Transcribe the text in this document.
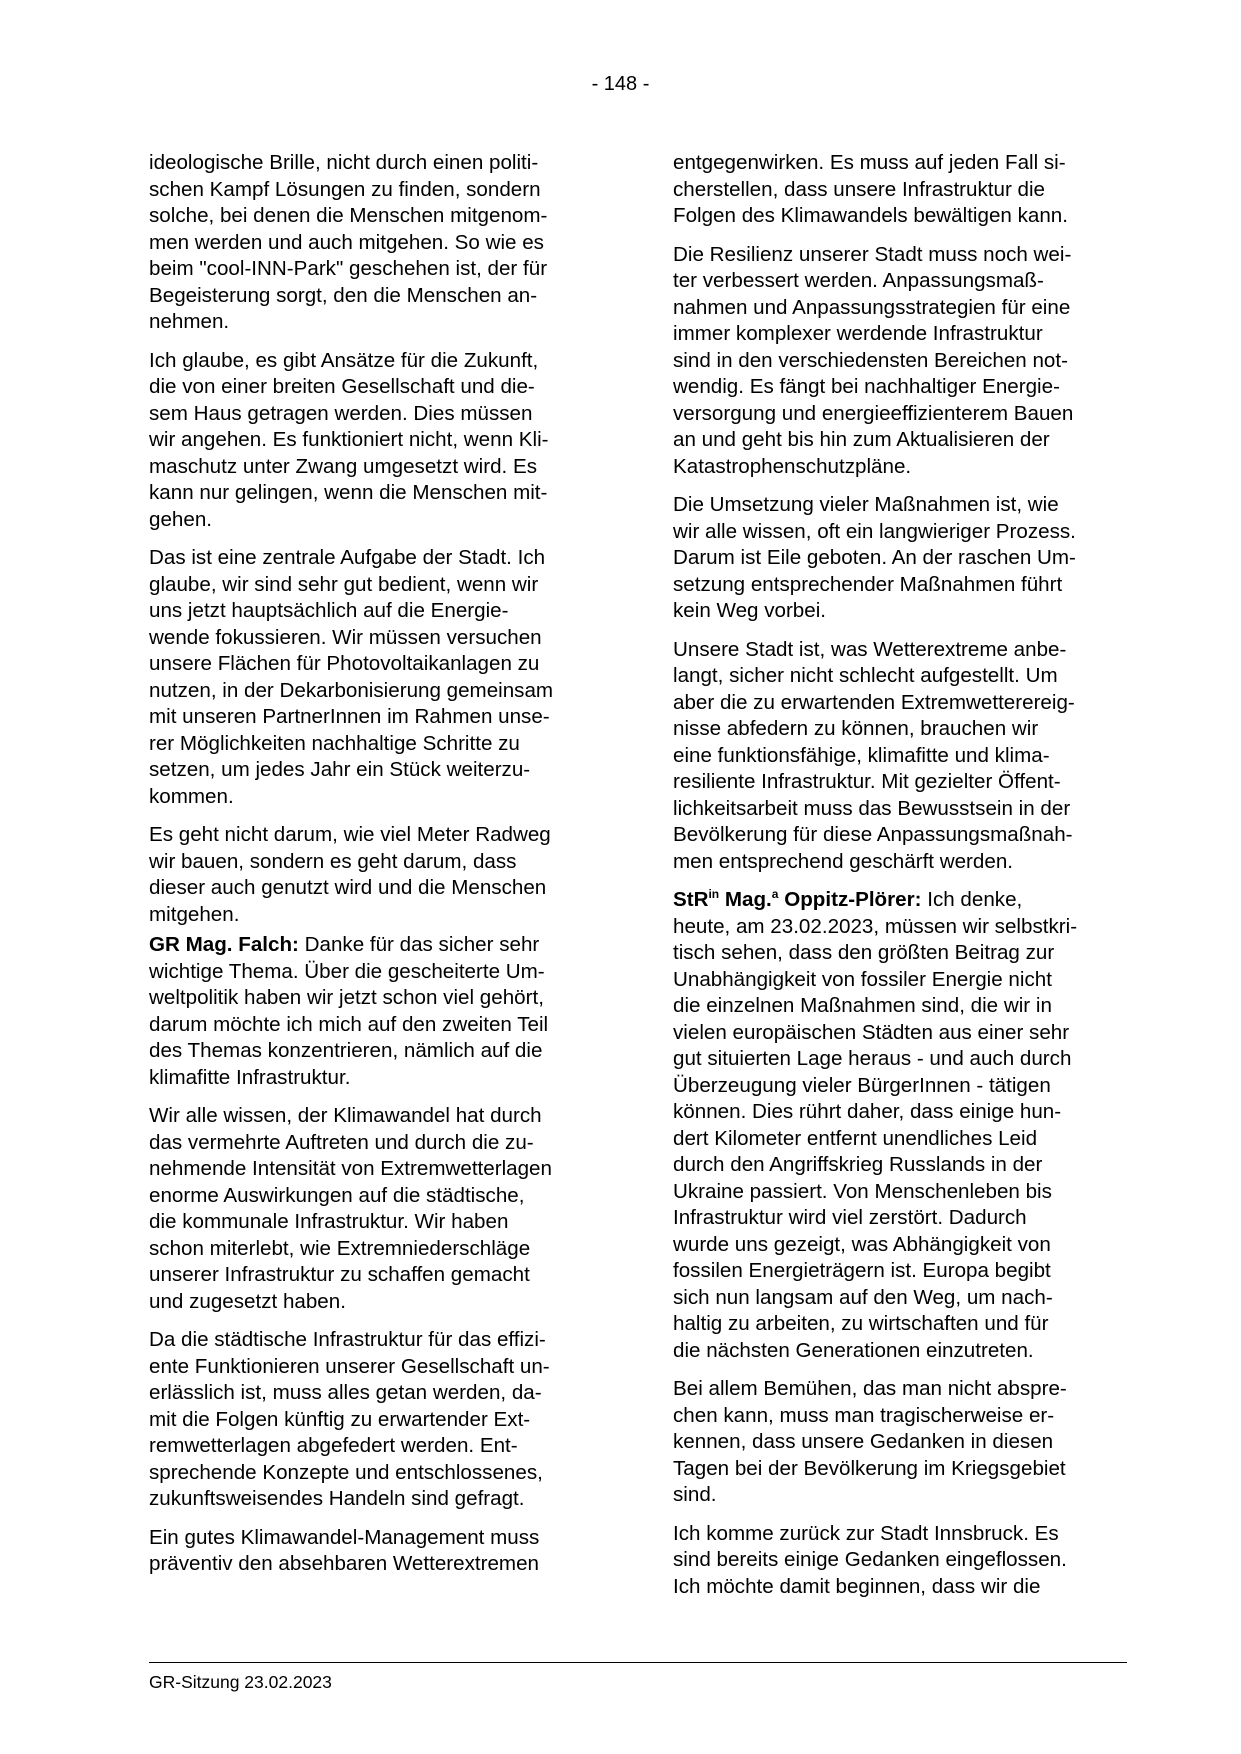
- 148 -

ideologische Brille, nicht durch einen politi-
schen Kampf Lösungen zu finden, sondern
solche, bei denen die Menschen mitgenom-
men werden und auch mitgehen. So wie es
beim "cool-INN-Park" geschehen ist, der für
Begeisterung sorgt, den die Menschen an-
nehmen.

Ich glaube, es gibt Ansätze für die Zukunft,
die von einer breiten Gesellschaft und die-
sem Haus getragen werden. Dies müssen
wir angehen. Es funktioniert nicht, wenn Kli-
maschutz unter Zwang umgesetzt wird. Es
kann nur gelingen, wenn die Menschen mit-
gehen.

Das ist eine zentrale Aufgabe der Stadt. Ich
glaube, wir sind sehr gut bedient, wenn wir
uns jetzt hauptsächlich auf die Energie-
wende fokussieren. Wir müssen versuchen
unsere Flächen für Photovoltaikanlagen zu
nutzen, in der Dekarbonisierung gemeinsam
mit unseren PartnerInnen im Rahmen unse-
rer Möglichkeiten nachhaltige Schritte zu
setzen, um jedes Jahr ein Stück weiterzu-
kommen.

Es geht nicht darum, wie viel Meter Radweg
wir bauen, sondern es geht darum, dass
dieser auch genutzt wird und die Menschen
mitgehen.

GR Mag. Falch: Danke für das sicher sehr
wichtige Thema. Über die gescheiterte Um-
weltpolitik haben wir jetzt schon viel gehört,
darum möchte ich mich auf den zweiten Teil
des Themas konzentrieren, nämlich auf die
klimafitte Infrastruktur.

Wir alle wissen, der Klimawandel hat durch
das vermehrte Auftreten und durch die zu-
nehmende Intensität von Extremwetterlagen
enorme Auswirkungen auf die städtische,
die kommunale Infrastruktur. Wir haben
schon miterlebt, wie Extremniederschläge
unserer Infrastruktur zu schaffen gemacht
und zugesetzt haben.

Da die städtische Infrastruktur für das effizi-
ente Funktionieren unserer Gesellschaft un-
erlässlich ist, muss alles getan werden, da-
mit die Folgen künftig zu erwartender Ext-
remwetterlagen abgefedert werden. Ent-
sprechende Konzepte und entschlossenes,
zukunftsweisendes Handeln sind gefragt.

Ein gutes Klimawandel-Management muss
präventiv den absehbaren Wetterextremen

entgegenwirken. Es muss auf jeden Fall si-
cherstellen, dass unsere Infrastruktur die
Folgen des Klimawandels bewältigen kann.

Die Resilienz unserer Stadt muss noch wei-
ter verbessert werden. Anpassungsmaß-
nahmen und Anpassungsstrategien für eine
immer komplexer werdende Infrastruktur
sind in den verschiedensten Bereichen not-
wendig. Es fängt bei nachhaltiger Energie-
versorgung und energieeffizienterem Bauen
an und geht bis hin zum Aktualisieren der
Katastrophenschutzpläne.

Die Umsetzung vieler Maßnahmen ist, wie
wir alle wissen, oft ein langwieriger Prozess.
Darum ist Eile geboten. An der raschen Um-
setzung entsprechender Maßnahmen führt
kein Weg vorbei.

Unsere Stadt ist, was Wetterextreme anbe-
langt, sicher nicht schlecht aufgestellt. Um
aber die zu erwartenden Extremwetterereig-
nisse abfedern zu können, brauchen wir
eine funktionsfähige, klimafitte und klima-
resiliente Infrastruktur. Mit gezielter Öffent-
lichkeitsarbeit muss das Bewusstsein in der
Bevölkerung für diese Anpassungsmaßnah-
men entsprechend geschärft werden.

StR$^{in}$ Mag.$^a$ Oppitz-Plörer: Ich denke,
heute, am 23.02.2023, müssen wir selbstkri-
tisch sehen, dass den größten Beitrag zur
Unabhängigkeit von fossiler Energie nicht
die einzelnen Maßnahmen sind, die wir in
vielen europäischen Städten aus einer sehr
gut situierten Lage heraus - und auch durch
Überzeugung vieler BürgerInnen - tätigen
können. Dies rührt daher, dass einige hun-
dert Kilometer entfernt unendliches Leid
durch den Angriffskrieg Russlands in der
Ukraine passiert. Von Menschenleben bis
Infrastruktur wird viel zerstört. Dadurch
wurde uns gezeigt, was Abhängigkeit von
fossilen Energieträgern ist. Europa begibt
sich nun langsam auf den Weg, um nach-
haltig zu arbeiten, zu wirtschaften und für
die nächsten Generationen einzutreten.

Bei allem Bemühen, das man nicht abspre-
chen kann, muss man tragischerweise er-
kennen, dass unsere Gedanken in diesen
Tagen bei der Bevölkerung im Kriegsgebiet
sind.

Ich komme zurück zur Stadt Innsbruck. Es
sind bereits einige Gedanken eingeflossen.
Ich möchte damit beginnen, dass wir die

GR-Sitzung 23.02.2023
